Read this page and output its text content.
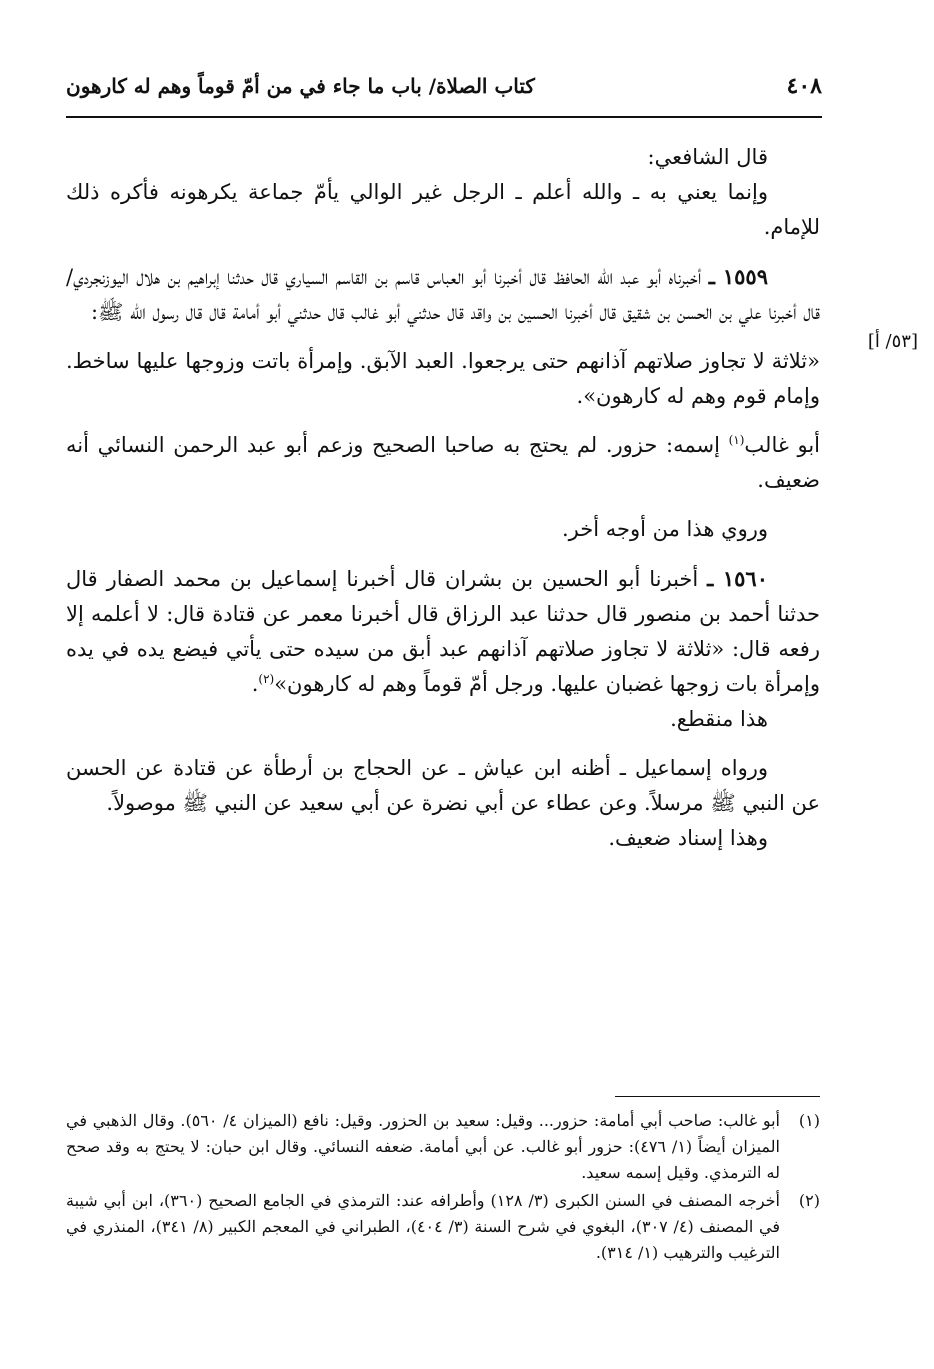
٤٠٨
كتاب الصلاة/ باب ما جاء في من أمّ قوماً وهم له كارهون
[٥٣/ أ]

قال الشافعي:

وإنما يعني به ـ والله أعلم ـ الرجل غير الوالي يأمّ جماعة يكرهونه فأكره ذلك للإمام.

١٥٥٩ ـ أخبرناه أبو عبد الله الحافظ قال أخبرنا أبو العباس قاسم بن القاسم السياري قال حدثنا إبراهيم بن هلال اليوزنجردي/ قال أخبرنا علي بن الحسن بن شقيق قال أخبرنا الحسين بن واقد قال حدثني أبو غالب قال حدثني أبو أمامة قال قال رسول الله ﷺ:

«ثلاثة لا تجاوز صلاتهم آذانهم حتى يرجعوا. العبد الآبق. وإمرأة باتت وزوجها عليها ساخط. وإمام قوم وهم له كارهون».

أبو غالب$^{(١)}$ إسمه: حزور. لم يحتج به صاحبا الصحيح وزعم أبو عبد الرحمن النسائي أنه ضعيف.

وروي هذا من أوجه أخر.

١٥٦٠ ـ أخبرنا أبو الحسين بن بشران قال أخبرنا إسماعيل بن محمد الصفار قال حدثنا أحمد بن منصور قال حدثنا عبد الرزاق قال أخبرنا معمر عن قتادة قال: لا أعلمه إلا رفعه قال: «ثلاثة لا تجاوز صلاتهم آذانهم عبد أبق من سيده حتى يأتي فيضع يده في يده وإمرأة بات زوجها غضبان عليها. ورجل أمّ قوماً وهم له كارهون»$^{(٢)}$.

هذا منقطع.

ورواه إسماعيل ـ أظنه ابن عياش ـ عن الحجاج بن أرطأة عن قتادة عن الحسن عن النبي ﷺ مرسلاً. وعن عطاء عن أبي نضرة عن أبي سعيد عن النبي ﷺ موصولاً.

وهذا إسناد ضعيف.

(١)
أبو غالب: صاحب أبي أمامة: حزور... وقيل: سعيد بن الحزور. وقيل: نافع (الميزان ٤/ ٥٦٠). وقال الذهبي في الميزان أيضاً (١/ ٤٧٦): حزور أبو غالب. عن أبي أمامة. ضعفه النسائي. وقال ابن حبان: لا يحتج به وقد صحح له الترمذي. وقيل إسمه سعيد.
(٢)
أخرجه المصنف في السنن الكبرى (٣/ ١٢٨) وأطرافه عند: الترمذي في الجامع الصحيح (٣٦٠)، ابن أبي شيبة في المصنف (٤/ ٣٠٧)، البغوي في شرح السنة (٣/ ٤٠٤)، الطبراني في المعجم الكبير (٨/ ٣٤١)، المنذري في الترغيب والترهيب (١/ ٣١٤).
